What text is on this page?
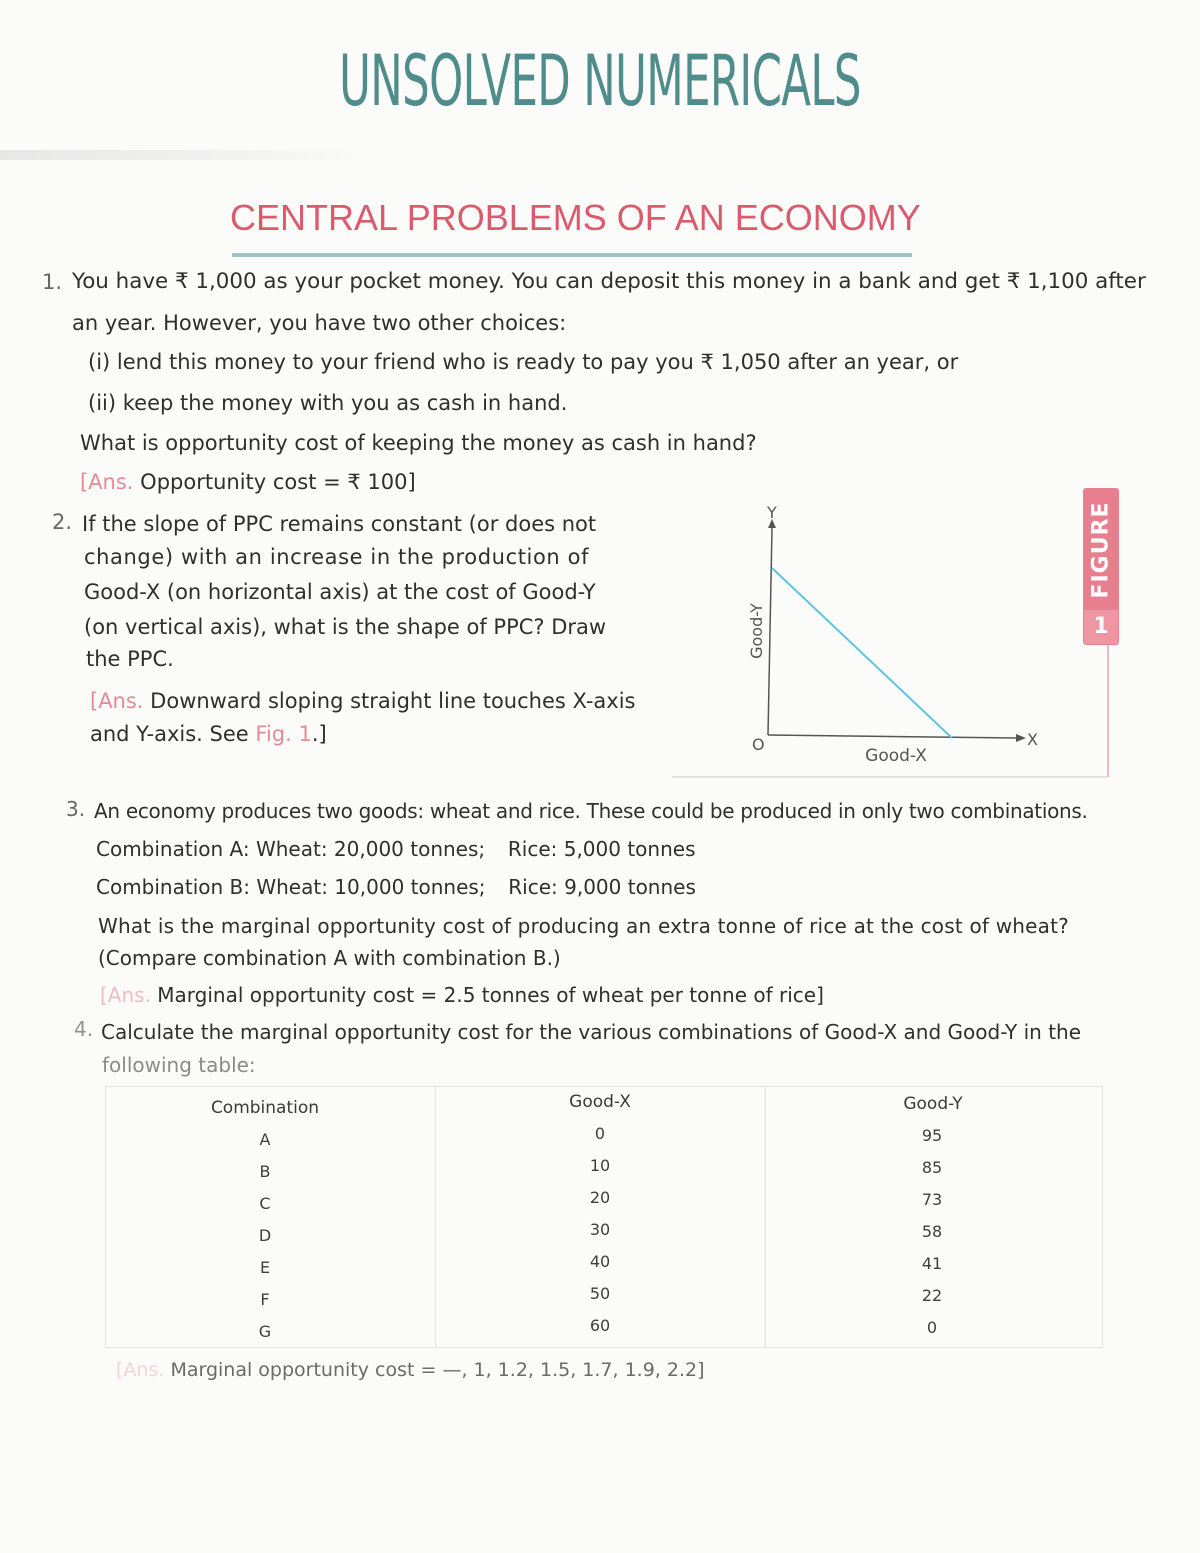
UNSOLVED NUMERICALS
CENTRAL PROBLEMS OF AN ECONOMY
1. You have ₹ 1,000 as your pocket money. You can deposit this money in a bank and get ₹ 1,100 after
an year. However, you have two other choices:
(i) lend this money to your friend who is ready to pay you ₹ 1,050 after an year, or
(ii) keep the money with you as cash in hand.
What is opportunity cost of keeping the money as cash in hand?
[Ans. Opportunity cost = ₹ 100]
2. If the slope of PPC remains constant (or does not
change) with an increase in the production of
Good-X (on horizontal axis) at the cost of Good-Y
(on vertical axis), what is the shape of PPC? Draw
the PPC.
[Ans. Downward sloping straight line touches X-axis
and Y-axis. See Fig. 1.]
Y
X
O
Good-Y
Good-X
FIGURE
1
3. An economy produces two goods: wheat and rice. These could be produced in only two combinations.
Combination A: Wheat: 20,000 tonnes; Rice: 5,000 tonnes
Combination B: Wheat: 10,000 tonnes; Rice: 9,000 tonnes
What is the marginal opportunity cost of producing an extra tonne of rice at the cost of wheat?
(Compare combination A with combination B.)
[Ans. Marginal opportunity cost = 2.5 tonnes of wheat per tonne of rice]
4. Calculate the marginal opportunity cost for the various combinations of Good-X and Good-Y in the
following table:
Combination	Good-X	Good-Y
A	0	95
B	10	85
C	20	73
D	30	58
E	40	41
F	50	22
G	60	0
[Ans. Marginal opportunity cost = —, 1, 1.2, 1.5, 1.7, 1.9, 2.2]
